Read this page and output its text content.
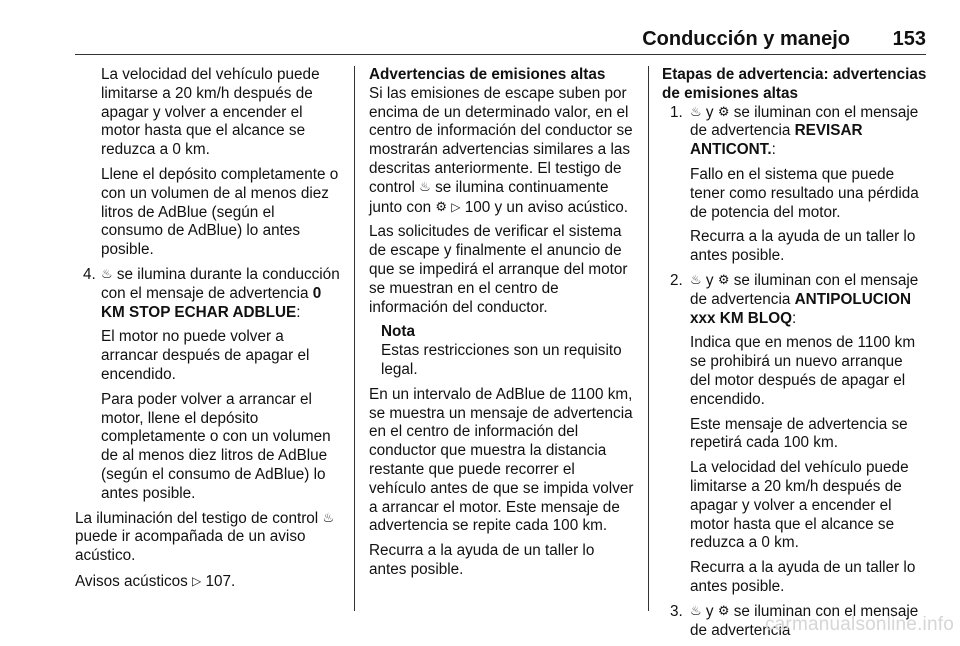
Conducción y manejo 153

La velocidad del vehículo puede limitarse a 20 km/h después de apagar y volver a encender el motor hasta que el alcance se reduzca a 0 km.

Llene el depósito completamente o con un volumen de al menos diez litros de AdBlue (según el consumo de AdBlue) lo antes posible.

4. ♨ se ilumina durante la conducción con el mensaje de advertencia 0 KM STOP ECHAR ADBLUE:

El motor no puede volver a arrancar después de apagar el encendido.

Para poder volver a arrancar el motor, llene el depósito completamente o con un volumen de al menos diez litros de AdBlue (según el consumo de AdBlue) lo antes posible.

La iluminación del testigo de control ♨ puede ir acompañada de un aviso acústico.

Avisos acústicos ▷ 107.

Advertencias de emisiones altas

Si las emisiones de escape suben por encima de un determinado valor, en el centro de información del conductor se mostrarán advertencias similares a las descritas anteriormente. El testigo de control ♨ se ilumina continuamente junto con ⚙ ▷ 100 y un aviso acústico.

Las solicitudes de verificar el sistema de escape y finalmente el anuncio de que se impedirá el arranque del motor se muestran en el centro de información del conductor.

Nota

Estas restricciones son un requisito legal.

En un intervalo de AdBlue de 1100 km, se muestra un mensaje de advertencia en el centro de información del conductor que muestra la distancia restante que puede recorrer el vehículo antes de que se impida volver a arrancar el motor. Este mensaje de advertencia se repite cada 100 km.

Recurra a la ayuda de un taller lo antes posible.

Etapas de advertencia: advertencias de emisiones altas
1. ♨ y ⚙ se iluminan con el mensaje de advertencia REVISAR ANTICONT.:

Fallo en el sistema que puede tener como resultado una pérdida de potencia del motor.

Recurra a la ayuda de un taller lo antes posible.

2. ♨ y ⚙ se iluminan con el mensaje de advertencia ANTIPOLUCION xxx KM BLOQ:

Indica que en menos de 1100 km se prohibirá un nuevo arranque del motor después de apagar el encendido.

Este mensaje de advertencia se repetirá cada 100 km.

La velocidad del vehículo puede limitarse a 20 km/h después de apagar y volver a encender el motor hasta que el alcance se reduzca a 0 km.

Recurra a la ayuda de un taller lo antes posible.

3. ♨ y ⚙ se iluminan con el mensaje de advertencia

carmanualsonline.info
